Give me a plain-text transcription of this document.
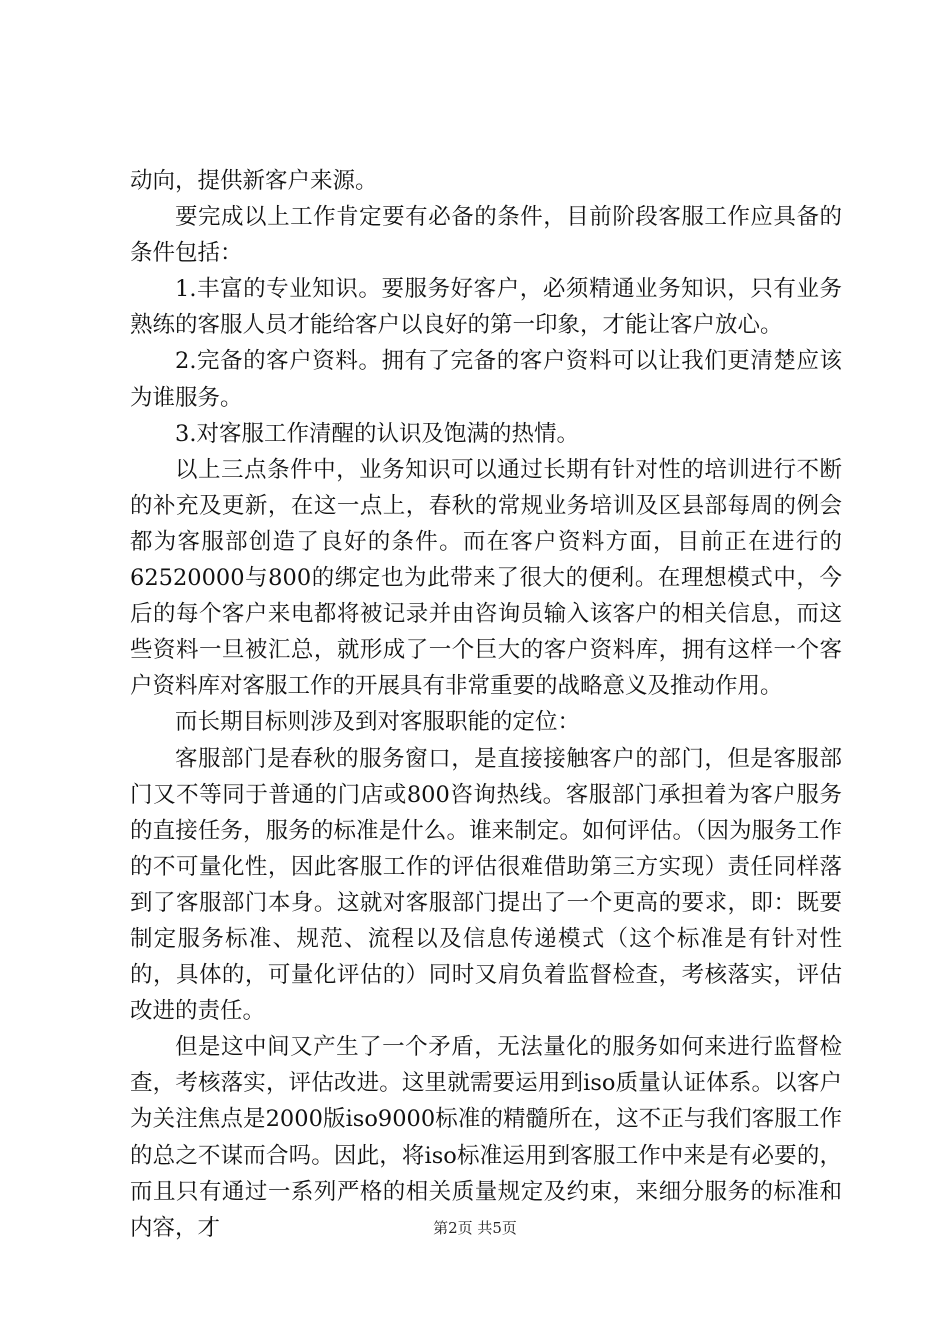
动向，提供新客户来源。

要完成以上工作肯定要有必备的条件，目前阶段客服工作应具备的条件包括：

1.丰富的专业知识。要服务好客户，必须精通业务知识，只有业务熟练的客服人员才能给客户以良好的第一印象，才能让客户放心。

2.完备的客户资料。拥有了完备的客户资料可以让我们更清楚应该为谁服务。

3.对客服工作清醒的认识及饱满的热情。

以上三点条件中，业务知识可以通过长期有针对性的培训进行不断的补充及更新，在这一点上，春秋的常规业务培训及区县部每周的例会都为客服部创造了良好的条件。而在客户资料方面，目前正在进行的62520000与800的绑定也为此带来了很大的便利。在理想模式中，今后的每个客户来电都将被记录并由咨询员输入该客户的相关信息，而这些资料一旦被汇总，就形成了一个巨大的客户资料库，拥有这样一个客户资料库对客服工作的开展具有非常重要的战略意义及推动作用。

而长期目标则涉及到对客服职能的定位：

客服部门是春秋的服务窗口，是直接接触客户的部门，但是客服部门又不等同于普通的门店或800咨询热线。客服部门承担着为客户服务的直接任务，服务的标准是什么。谁来制定。如何评估。（因为服务工作的不可量化性，因此客服工作的评估很难借助第三方实现）责任同样落到了客服部门本身。这就对客服部门提出了一个更高的要求，即：既要制定服务标准、规范、流程以及信息传递模式（这个标准是有针对性的，具体的，可量化评估的）同时又肩负着监督检查，考核落实，评估改进的责任。

但是这中间又产生了一个矛盾，无法量化的服务如何来进行监督检查，考核落实，评估改进。这里就需要运用到iso质量认证体系。以客户为关注焦点是2000版iso9000标准的精髓所在，这不正与我们客服工作的总之不谋而合吗。因此，将iso标准运用到客服工作中来是有必要的，而且只有通过一系列严格的相关质量规定及约束，来细分服务的标准和内容，才	第2页 共5页
